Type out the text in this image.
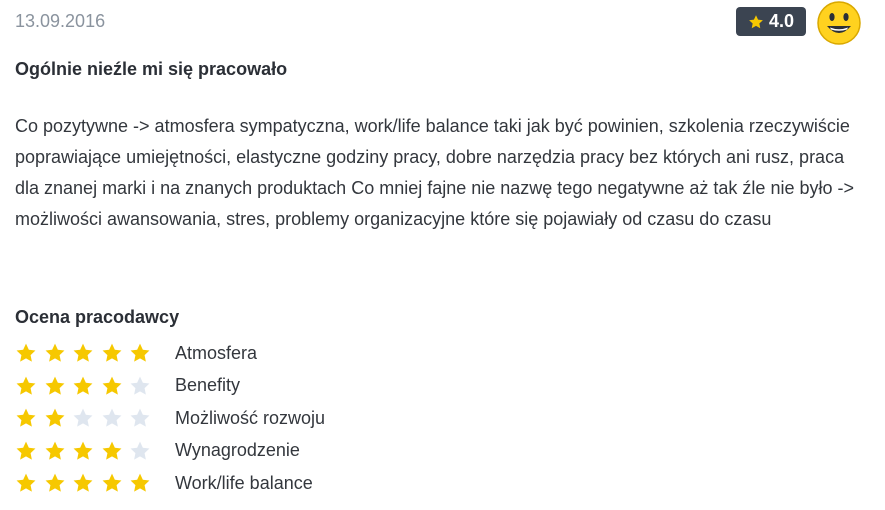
13.09.2016	4.0
Ogólnie nieźle mi się pracowało
Co pozytywne -> atmosfera sympatyczna, work/life balance taki jak być powinien, szkolenia rzeczywiście poprawiające umiejętności, elastyczne godziny pracy, dobre narzędzia pracy bez których ani rusz, praca dla znanej marki i na znanych produktach Co mniej fajne nie nazwę tego negatywne aż tak źle nie było -> możliwości awansowania, stres, problemy organizacyjne które się pojawiały od czasu do czasu
Ocena pracodawcy
Atmosfera
Benefity
Możliwość rozwoju
Wynagrodzenie
Work/life balance
